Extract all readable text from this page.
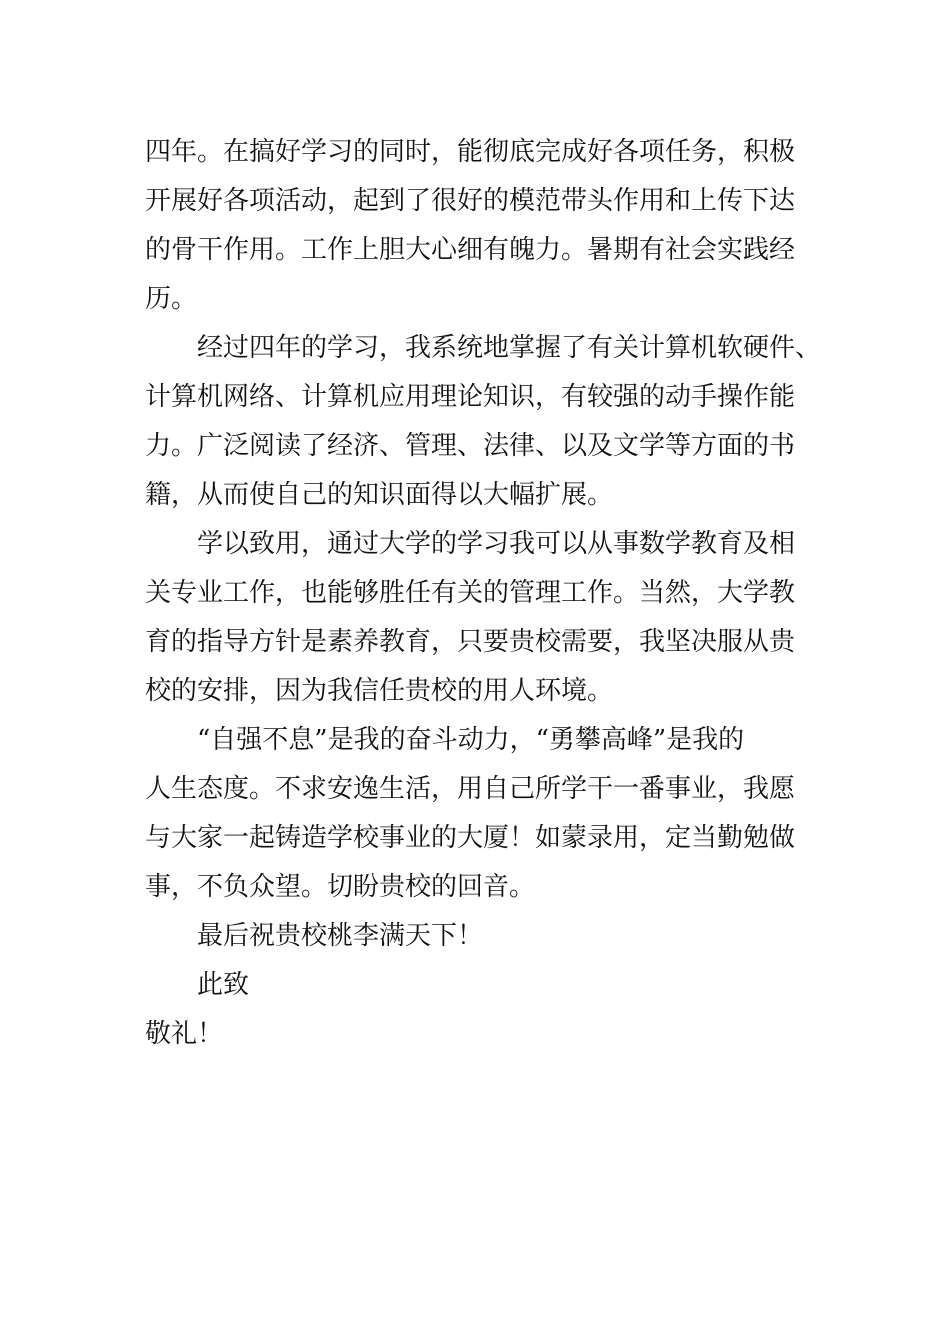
四年。在搞好学习的同时，能彻底完成好各项任务，积极
开展好各项活动，起到了很好的模范带头作用和上传下达
的骨干作用。工作上胆大心细有魄力。暑期有社会实践经
历。
经过四年的学习，我系统地掌握了有关计算机软硬件、
计算机网络、计算机应用理论知识，有较强的动手操作能
力。广泛阅读了经济、管理、法律、以及文学等方面的书
籍，从而使自己的知识面得以大幅扩展。
学以致用，通过大学的学习我可以从事数学教育及相
关专业工作，也能够胜任有关的管理工作。当然，大学教
育的指导方针是素养教育，只要贵校需要，我坚决服从贵
校的安排，因为我信任贵校的用人环境。
“自强不息”是我的奋斗动力，“勇攀高峰”是我的
人生态度。不求安逸生活，用自己所学干一番事业，我愿
与大家一起铸造学校事业的大厦！如蒙录用，定当勤勉做
事，不负众望。切盼贵校的回音。
最后祝贵校桃李满天下！
此致
敬礼！
